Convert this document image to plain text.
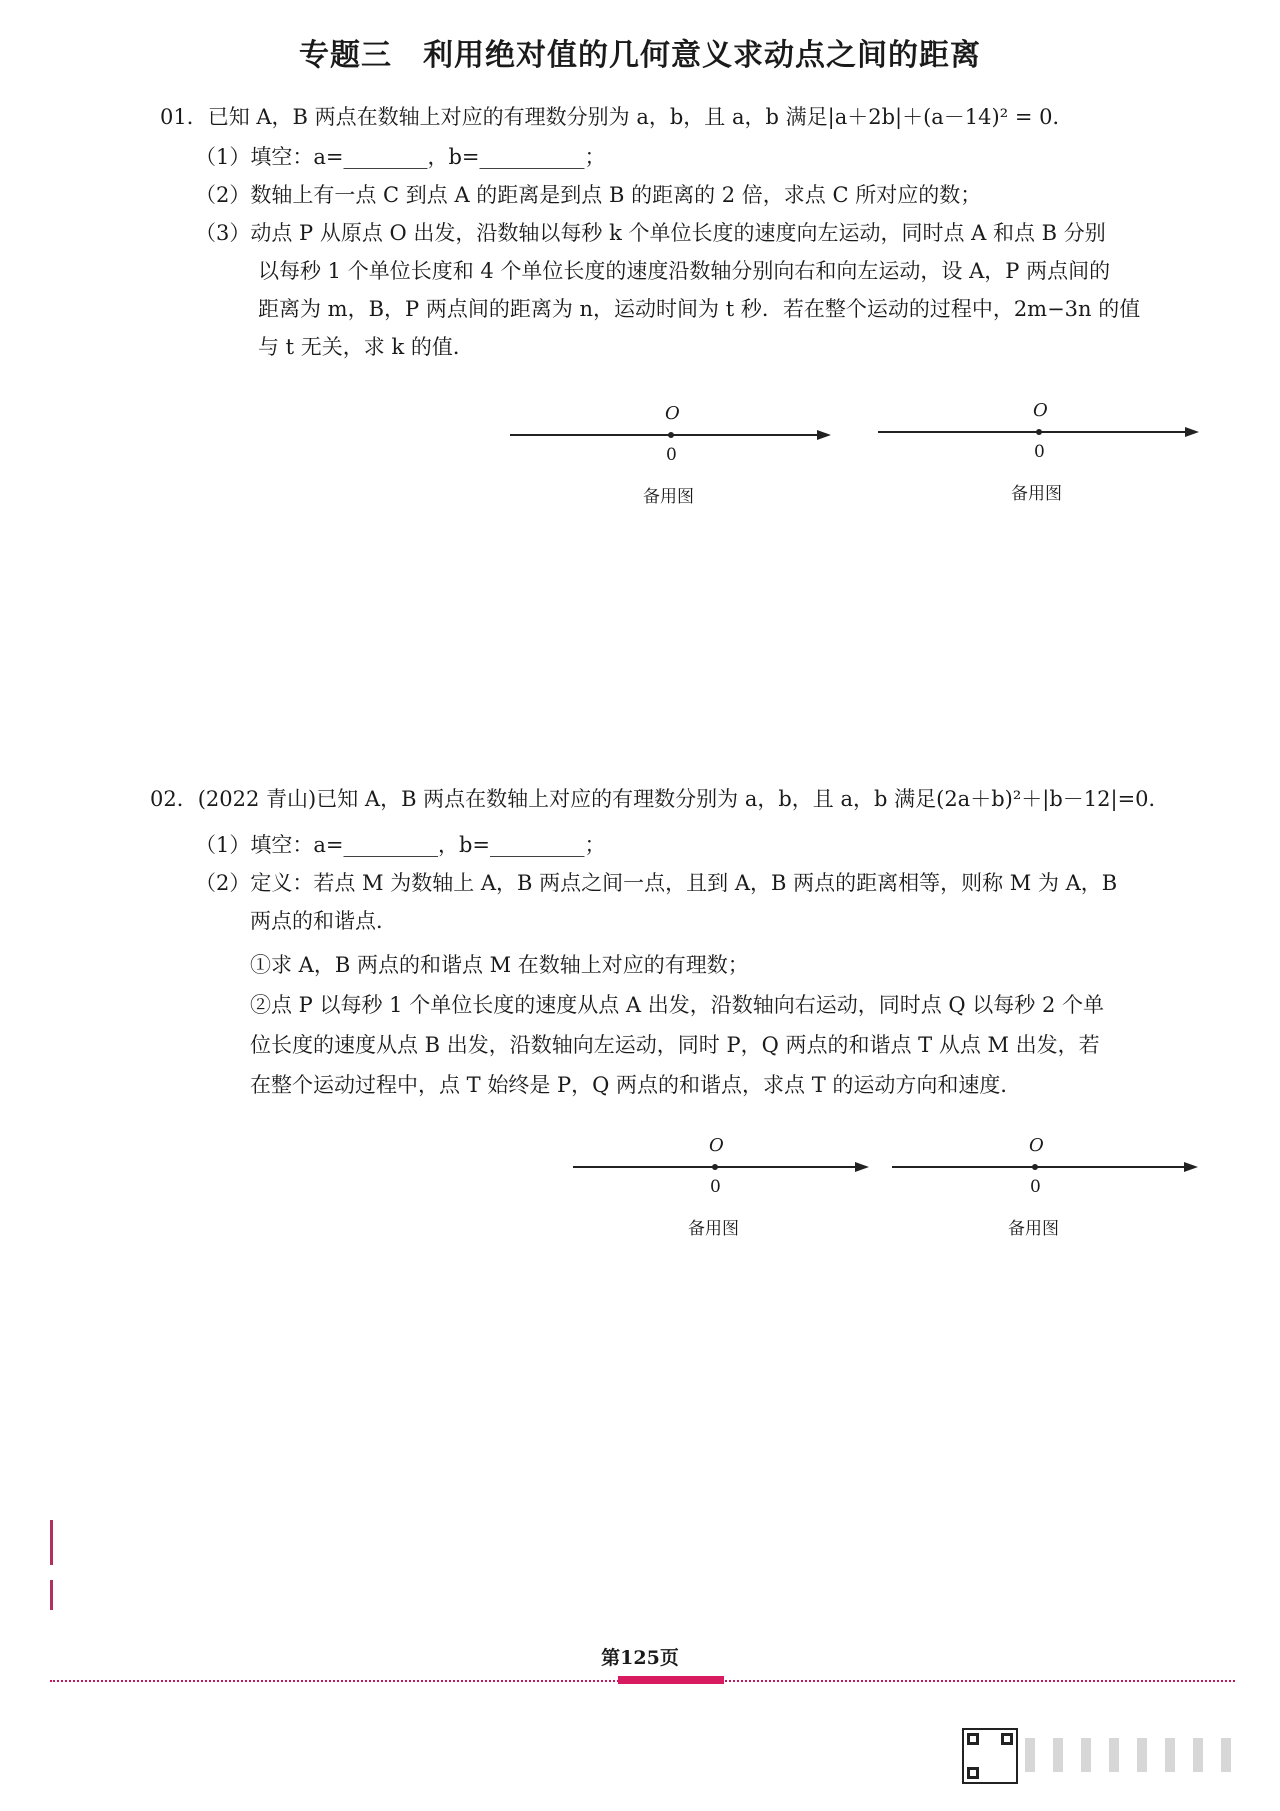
专题三　利用绝对值的几何意义求动点之间的距离
01．已知 A，B 两点在数轴上对应的有理数分别为 a，b，且 a，b 满足|a＋2b|＋(a－14)² = 0．
（1）填空：a=________，b=__________；
（2）数轴上有一点 C 到点 A 的距离是到点 B 的距离的 2 倍，求点 C 所对应的数；
（3）动点 P 从原点 O 出发，沿数轴以每秒 k 个单位长度的速度向左运动，同时点 A 和点 B 分别
以每秒 1 个单位长度和 4 个单位长度的速度沿数轴分别向右和向左运动，设 A，P 两点间的
距离为 m，B，P 两点间的距离为 n，运动时间为 t 秒．若在整个运动的过程中，2m−3n 的值
与 t 无关，求 k 的值．
O
0
备用图
O
0
备用图
02．(2022 青山)已知 A，B 两点在数轴上对应的有理数分别为 a，b，且 a，b 满足(2a＋b)²＋|b－12|=0．
（1）填空：a=_________，b=_________；
（2）定义：若点 M 为数轴上 A，B 两点之间一点，且到 A，B 两点的距离相等，则称 M 为 A，B
两点的和谐点．
①求 A，B 两点的和谐点 M 在数轴上对应的有理数；
②点 P 以每秒 1 个单位长度的速度从点 A 出发，沿数轴向右运动，同时点 Q 以每秒 2 个单
位长度的速度从点 B 出发，沿数轴向左运动，同时 P，Q 两点的和谐点 T 从点 M 出发，若
在整个运动过程中，点 T 始终是 P，Q 两点的和谐点，求点 T 的运动方向和速度．
O
0
备用图
O
0
备用图
第125页
